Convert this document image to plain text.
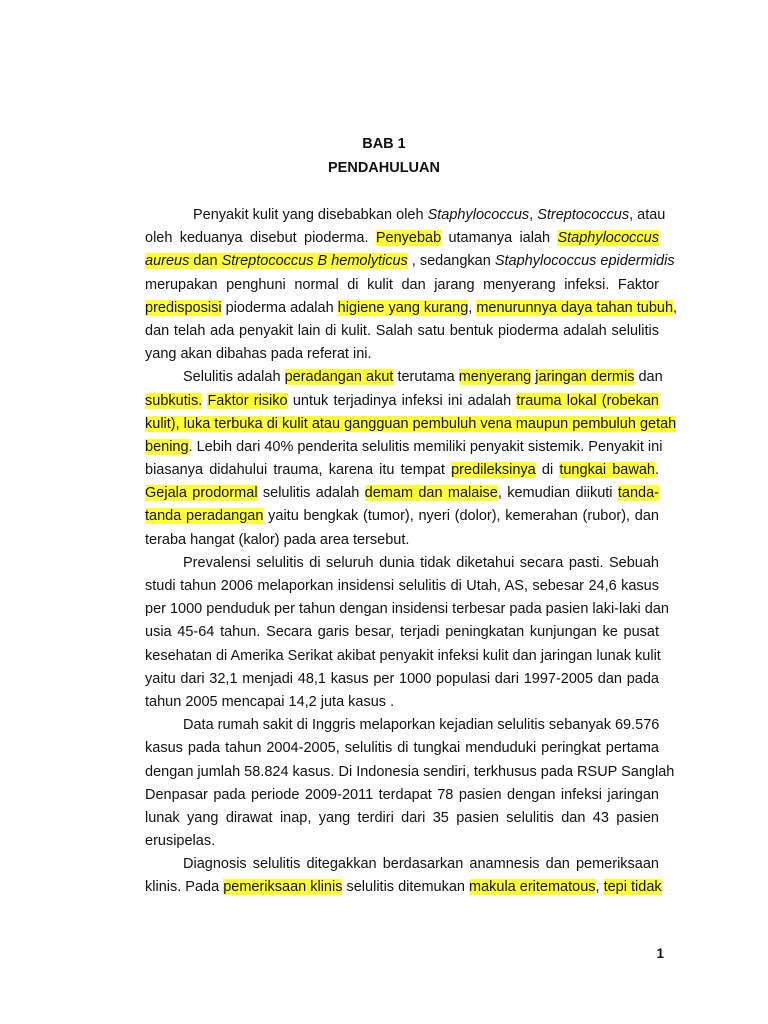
BAB 1
PENDAHULUAN
Penyakit kulit yang disebabkan oleh Staphylococcus, Streptococcus, atau
oleh keduanya disebut pioderma. Penyebab utamanya ialah Staphylococcus
aureus dan Streptococcus B hemolyticus , sedangkan Staphylococcus epidermidis
merupakan penghuni normal di kulit dan jarang menyerang infeksi. Faktor
predisposisi pioderma adalah higiene yang kurang, menurunnya daya tahan tubuh,
dan telah ada penyakit lain di kulit. Salah satu bentuk pioderma adalah selulitis
yang akan dibahas pada referat ini.
Selulitis adalah peradangan akut terutama menyerang jaringan dermis dan
subkutis. Faktor risiko untuk terjadinya infeksi ini adalah trauma lokal (robekan
kulit), luka terbuka di kulit atau gangguan pembuluh vena maupun pembuluh getah
bening. Lebih dari 40% penderita selulitis memiliki penyakit sistemik. Penyakit ini
biasanya didahului trauma, karena itu tempat predileksinya di tungkai bawah.
Gejala prodormal selulitis adalah demam dan malaise, kemudian diikuti tanda-
tanda peradangan yaitu bengkak (tumor), nyeri (dolor), kemerahan (rubor), dan
teraba hangat (kalor) pada area tersebut.
Prevalensi selulitis di seluruh dunia tidak diketahui secara pasti. Sebuah
studi tahun 2006 melaporkan insidensi selulitis di Utah, AS, sebesar 24,6 kasus
per 1000 penduduk per tahun dengan insidensi terbesar pada pasien laki-laki dan
usia 45-64 tahun. Secara garis besar, terjadi peningkatan kunjungan ke pusat
kesehatan di Amerika Serikat akibat penyakit infeksi kulit dan jaringan lunak kulit
yaitu dari 32,1 menjadi 48,1 kasus per 1000 populasi dari 1997-2005 dan pada
tahun 2005 mencapai 14,2 juta kasus .
Data rumah sakit di Inggris melaporkan kejadian selulitis sebanyak 69.576
kasus pada tahun 2004-2005, selulitis di tungkai menduduki peringkat pertama
dengan jumlah 58.824 kasus. Di Indonesia sendiri, terkhusus pada RSUP Sanglah
Denpasar pada periode 2009-2011 terdapat 78 pasien dengan infeksi jaringan
lunak yang dirawat inap, yang terdiri dari 35 pasien selulitis dan 43 pasien
erusipelas.
Diagnosis selulitis ditegakkan berdasarkan anamnesis dan pemeriksaan
klinis. Pada pemeriksaan klinis selulitis ditemukan makula eritematous, tepi tidak
1
